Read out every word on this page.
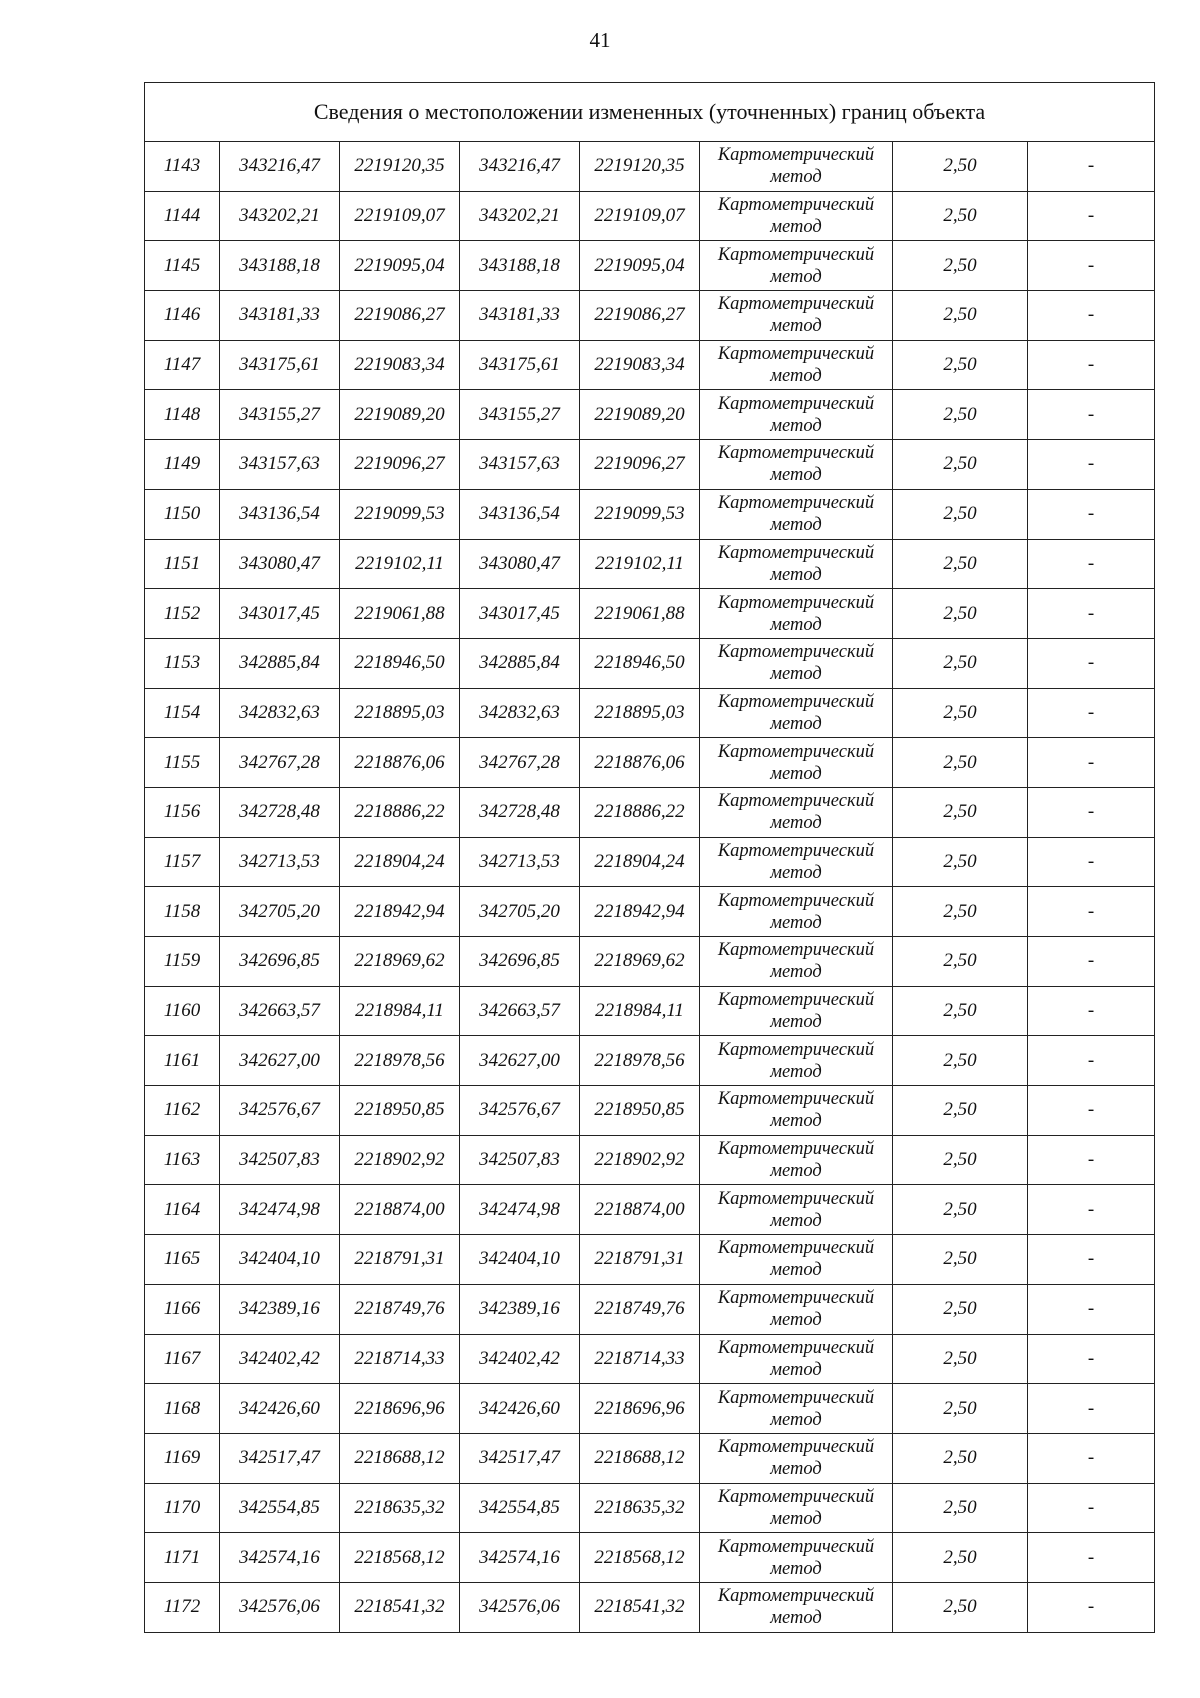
41
Сведения о местоположении измененных (уточненных) границ объекта							
1143	343216,47	2219120,35	343216,47	2219120,35	Картометрический
метод	2,50	-
1144	343202,21	2219109,07	343202,21	2219109,07	Картометрический
метод	2,50	-
1145	343188,18	2219095,04	343188,18	2219095,04	Картометрический
метод	2,50	-
1146	343181,33	2219086,27	343181,33	2219086,27	Картометрический
метод	2,50	-
1147	343175,61	2219083,34	343175,61	2219083,34	Картометрический
метод	2,50	-
1148	343155,27	2219089,20	343155,27	2219089,20	Картометрический
метод	2,50	-
1149	343157,63	2219096,27	343157,63	2219096,27	Картометрический
метод	2,50	-
1150	343136,54	2219099,53	343136,54	2219099,53	Картометрический
метод	2,50	-
1151	343080,47	2219102,11	343080,47	2219102,11	Картометрический
метод	2,50	-
1152	343017,45	2219061,88	343017,45	2219061,88	Картометрический
метод	2,50	-
1153	342885,84	2218946,50	342885,84	2218946,50	Картометрический
метод	2,50	-
1154	342832,63	2218895,03	342832,63	2218895,03	Картометрический
метод	2,50	-
1155	342767,28	2218876,06	342767,28	2218876,06	Картометрический
метод	2,50	-
1156	342728,48	2218886,22	342728,48	2218886,22	Картометрический
метод	2,50	-
1157	342713,53	2218904,24	342713,53	2218904,24	Картометрический
метод	2,50	-
1158	342705,20	2218942,94	342705,20	2218942,94	Картометрический
метод	2,50	-
1159	342696,85	2218969,62	342696,85	2218969,62	Картометрический
метод	2,50	-
1160	342663,57	2218984,11	342663,57	2218984,11	Картометрический
метод	2,50	-
1161	342627,00	2218978,56	342627,00	2218978,56	Картометрический
метод	2,50	-
1162	342576,67	2218950,85	342576,67	2218950,85	Картометрический
метод	2,50	-
1163	342507,83	2218902,92	342507,83	2218902,92	Картометрический
метод	2,50	-
1164	342474,98	2218874,00	342474,98	2218874,00	Картометрический
метод	2,50	-
1165	342404,10	2218791,31	342404,10	2218791,31	Картометрический
метод	2,50	-
1166	342389,16	2218749,76	342389,16	2218749,76	Картометрический
метод	2,50	-
1167	342402,42	2218714,33	342402,42	2218714,33	Картометрический
метод	2,50	-
1168	342426,60	2218696,96	342426,60	2218696,96	Картометрический
метод	2,50	-
1169	342517,47	2218688,12	342517,47	2218688,12	Картометрический
метод	2,50	-
1170	342554,85	2218635,32	342554,85	2218635,32	Картометрический
метод	2,50	-
1171	342574,16	2218568,12	342574,16	2218568,12	Картометрический
метод	2,50	-
1172	342576,06	2218541,32	342576,06	2218541,32	Картометрический
метод	2,50	-
